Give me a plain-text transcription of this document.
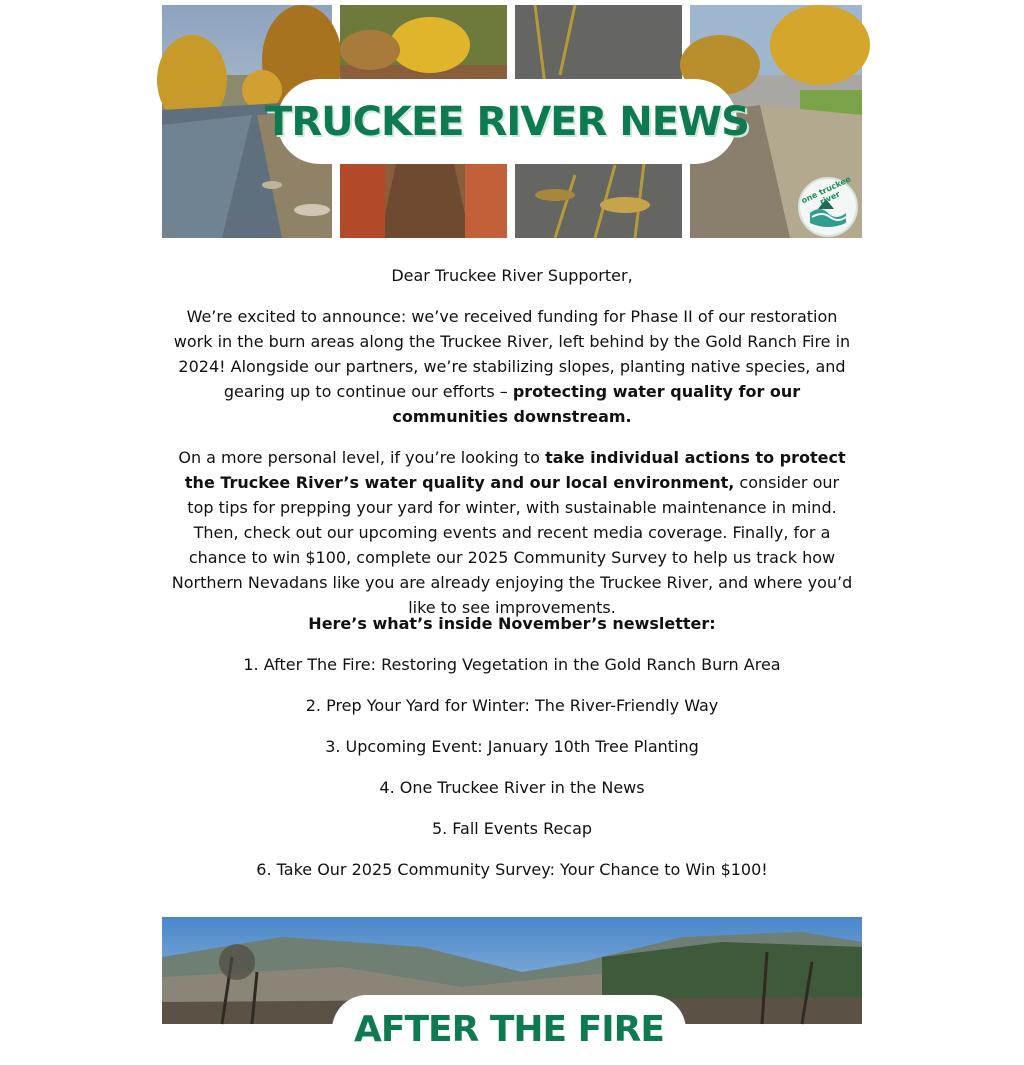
TRUCKEE RIVER NEWS
one truckee river
Dear Truckee River Supporter,
We’re excited to announce: we’ve received funding for Phase II of our restoration work in the burn areas along the Truckee River, left behind by the Gold Ranch Fire in 2024! Alongside our partners, we’re stabilizing slopes, planting native species, and gearing up to continue our efforts – protecting water quality for our communities downstream.
On a more personal level, if you’re looking to take individual actions to protect the Truckee River’s water quality and our local environment, consider our top tips for prepping your yard for winter, with sustainable maintenance in mind. Then, check out our upcoming events and recent media coverage. Finally, for a chance to win $100, complete our 2025 Community Survey to help us track how Northern Nevadans like you are already enjoying the Truckee River, and where you’d like to see improvements.
Here’s what’s inside November’s newsletter:
1. After The Fire: Restoring Vegetation in the Gold Ranch Burn Area
2. Prep Your Yard for Winter: The River-Friendly Way
3. Upcoming Event: January 10th Tree Planting
4. One Truckee River in the News
5. Fall Events Recap
6. Take Our 2025 Community Survey: Your Chance to Win $100!
AFTER THE FIRE
